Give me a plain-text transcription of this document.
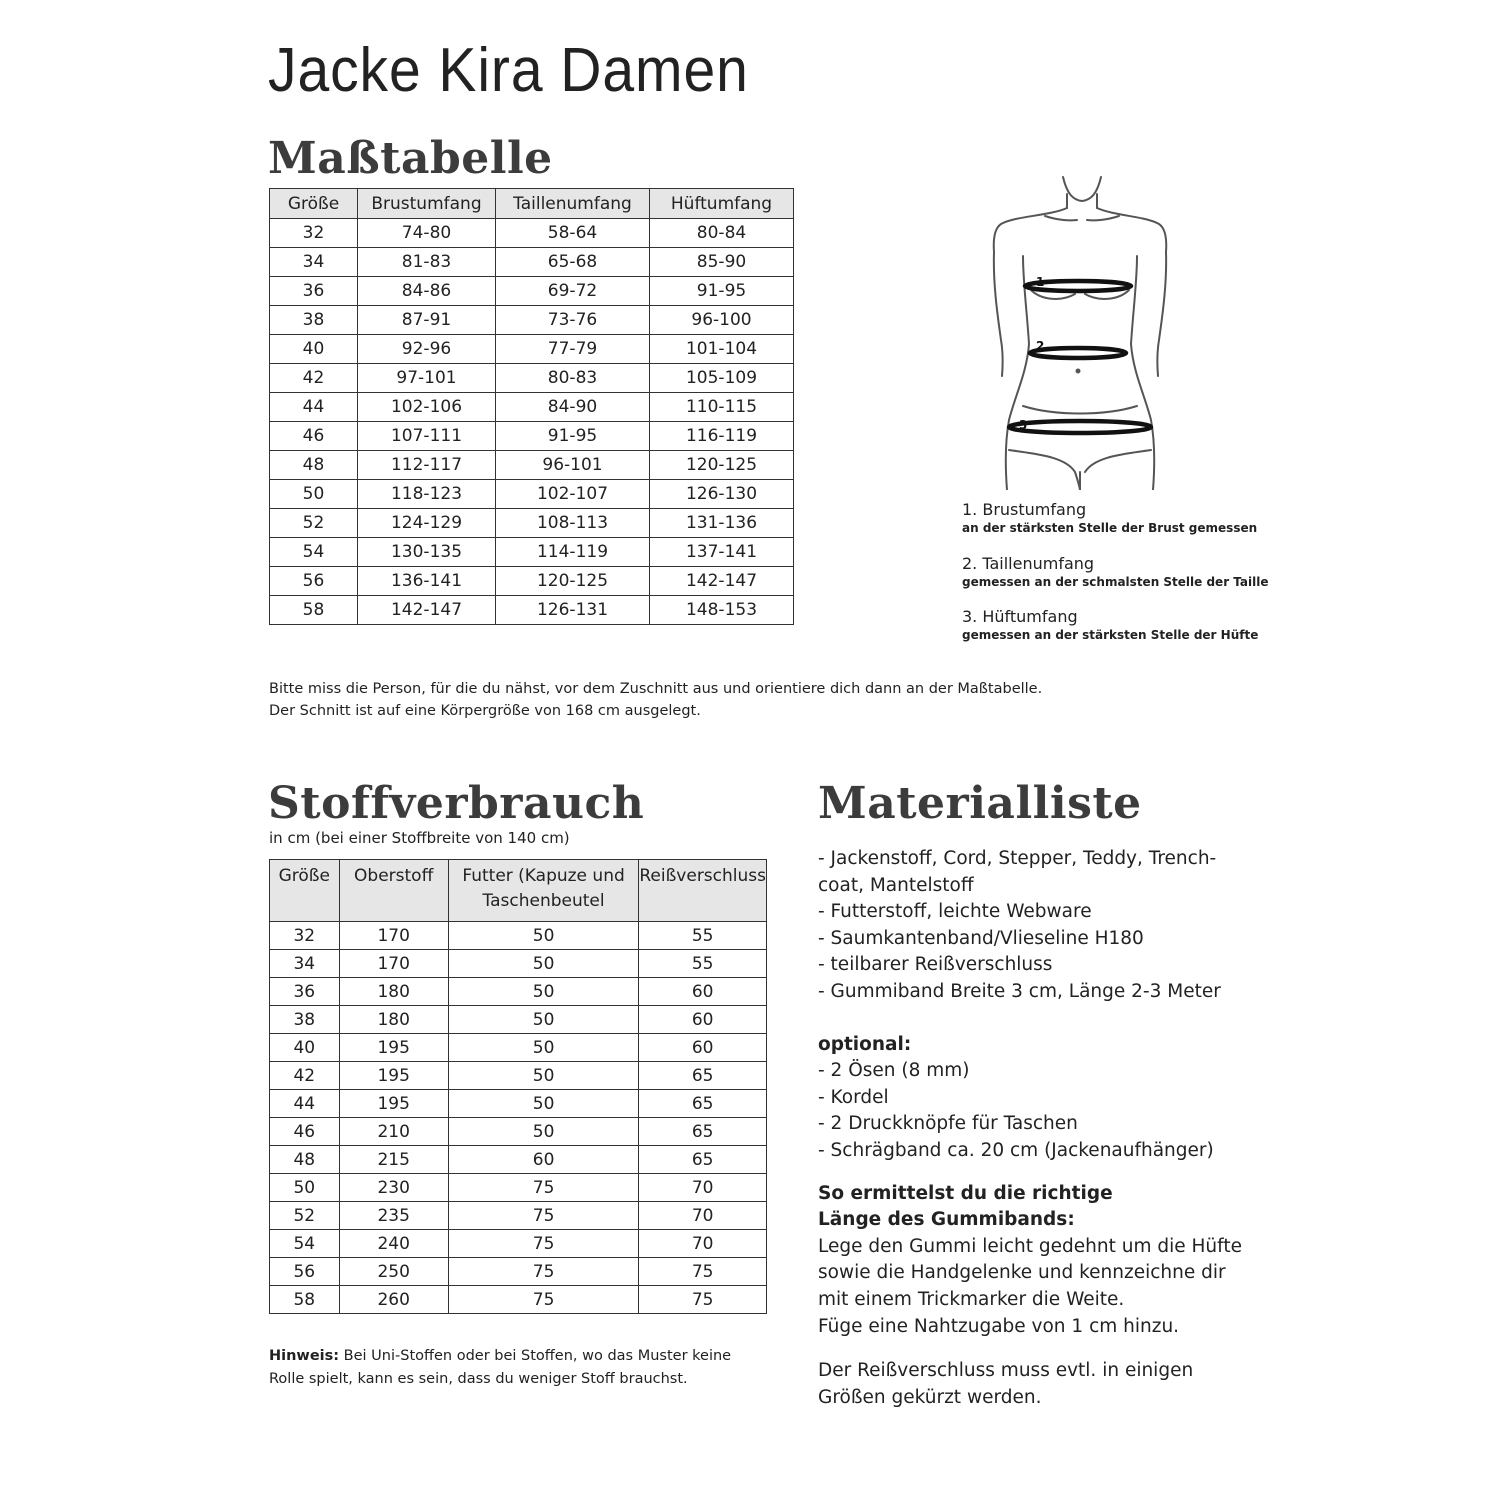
Jacke Kira Damen
Maßtabelle
Größe	Brustumfang	Taillenumfang	Hüftumfang
32	74-80	58-64	80-84
34	81-83	65-68	85-90
36	84-86	69-72	91-95
38	87-91	73-76	96-100
40	92-96	77-79	101-104
42	97-101	80-83	105-109
44	102-106	84-90	110-115
46	107-111	91-95	116-119
48	112-117	96-101	120-125
50	118-123	102-107	126-130
52	124-129	108-113	131-136
54	130-135	114-119	137-141
56	136-141	120-125	142-147
58	142-147	126-131	148-153
Bitte miss die Person, für die du nähst, vor dem Zuschnitt aus und orientiere dich dann an der Maßtabelle.
Der Schnitt ist auf eine Körpergröße von 168 cm ausgelegt.
1
2
3
1. Brustumfang
an der stärksten Stelle der Brust gemessen
2. Taillenumfang
gemessen an der schmalsten Stelle der Taille
3. Hüftumfang
gemessen an der stärksten Stelle der Hüfte
Stoffverbrauch
in cm (bei einer Stoffbreite von 140 cm)
Größe	Oberstoff	Futter (Kapuze und Taschenbeutel	Reißverschluss
32	170	50	55
34	170	50	55
36	180	50	60
38	180	50	60
40	195	50	60
42	195	50	65
44	195	50	65
46	210	50	65
48	215	60	65
50	230	75	70
52	235	75	70
54	240	75	70
56	250	75	75
58	260	75	75
Hinweis: Bei Uni-Stoffen oder bei Stoffen, wo das Muster keine
Rolle spielt, kann es sein, dass du weniger Stoff brauchst.
Materialliste
- Jackenstoff, Cord, Stepper, Teddy, Trench-
coat, Mantelstoff
- Futterstoff, leichte Webware
- Saumkantenband/Vlieseline H180
- teilbarer Reißverschluss
- Gummiband Breite 3 cm, Länge 2-3 Meter
optional:
- 2 Ösen (8 mm)
- Kordel
- 2 Druckknöpfe für Taschen
- Schrägband ca. 20 cm (Jackenaufhänger)
So ermittelst du die richtige
Länge des Gummibands:
Lege den Gummi leicht gedehnt um die Hüfte
sowie die Handgelenke und kennzeichne dir
mit einem Trickmarker die Weite.
Füge eine Nahtzugabe von 1 cm hinzu.
Der Reißverschluss muss evtl. in einigen
Größen gekürzt werden.
